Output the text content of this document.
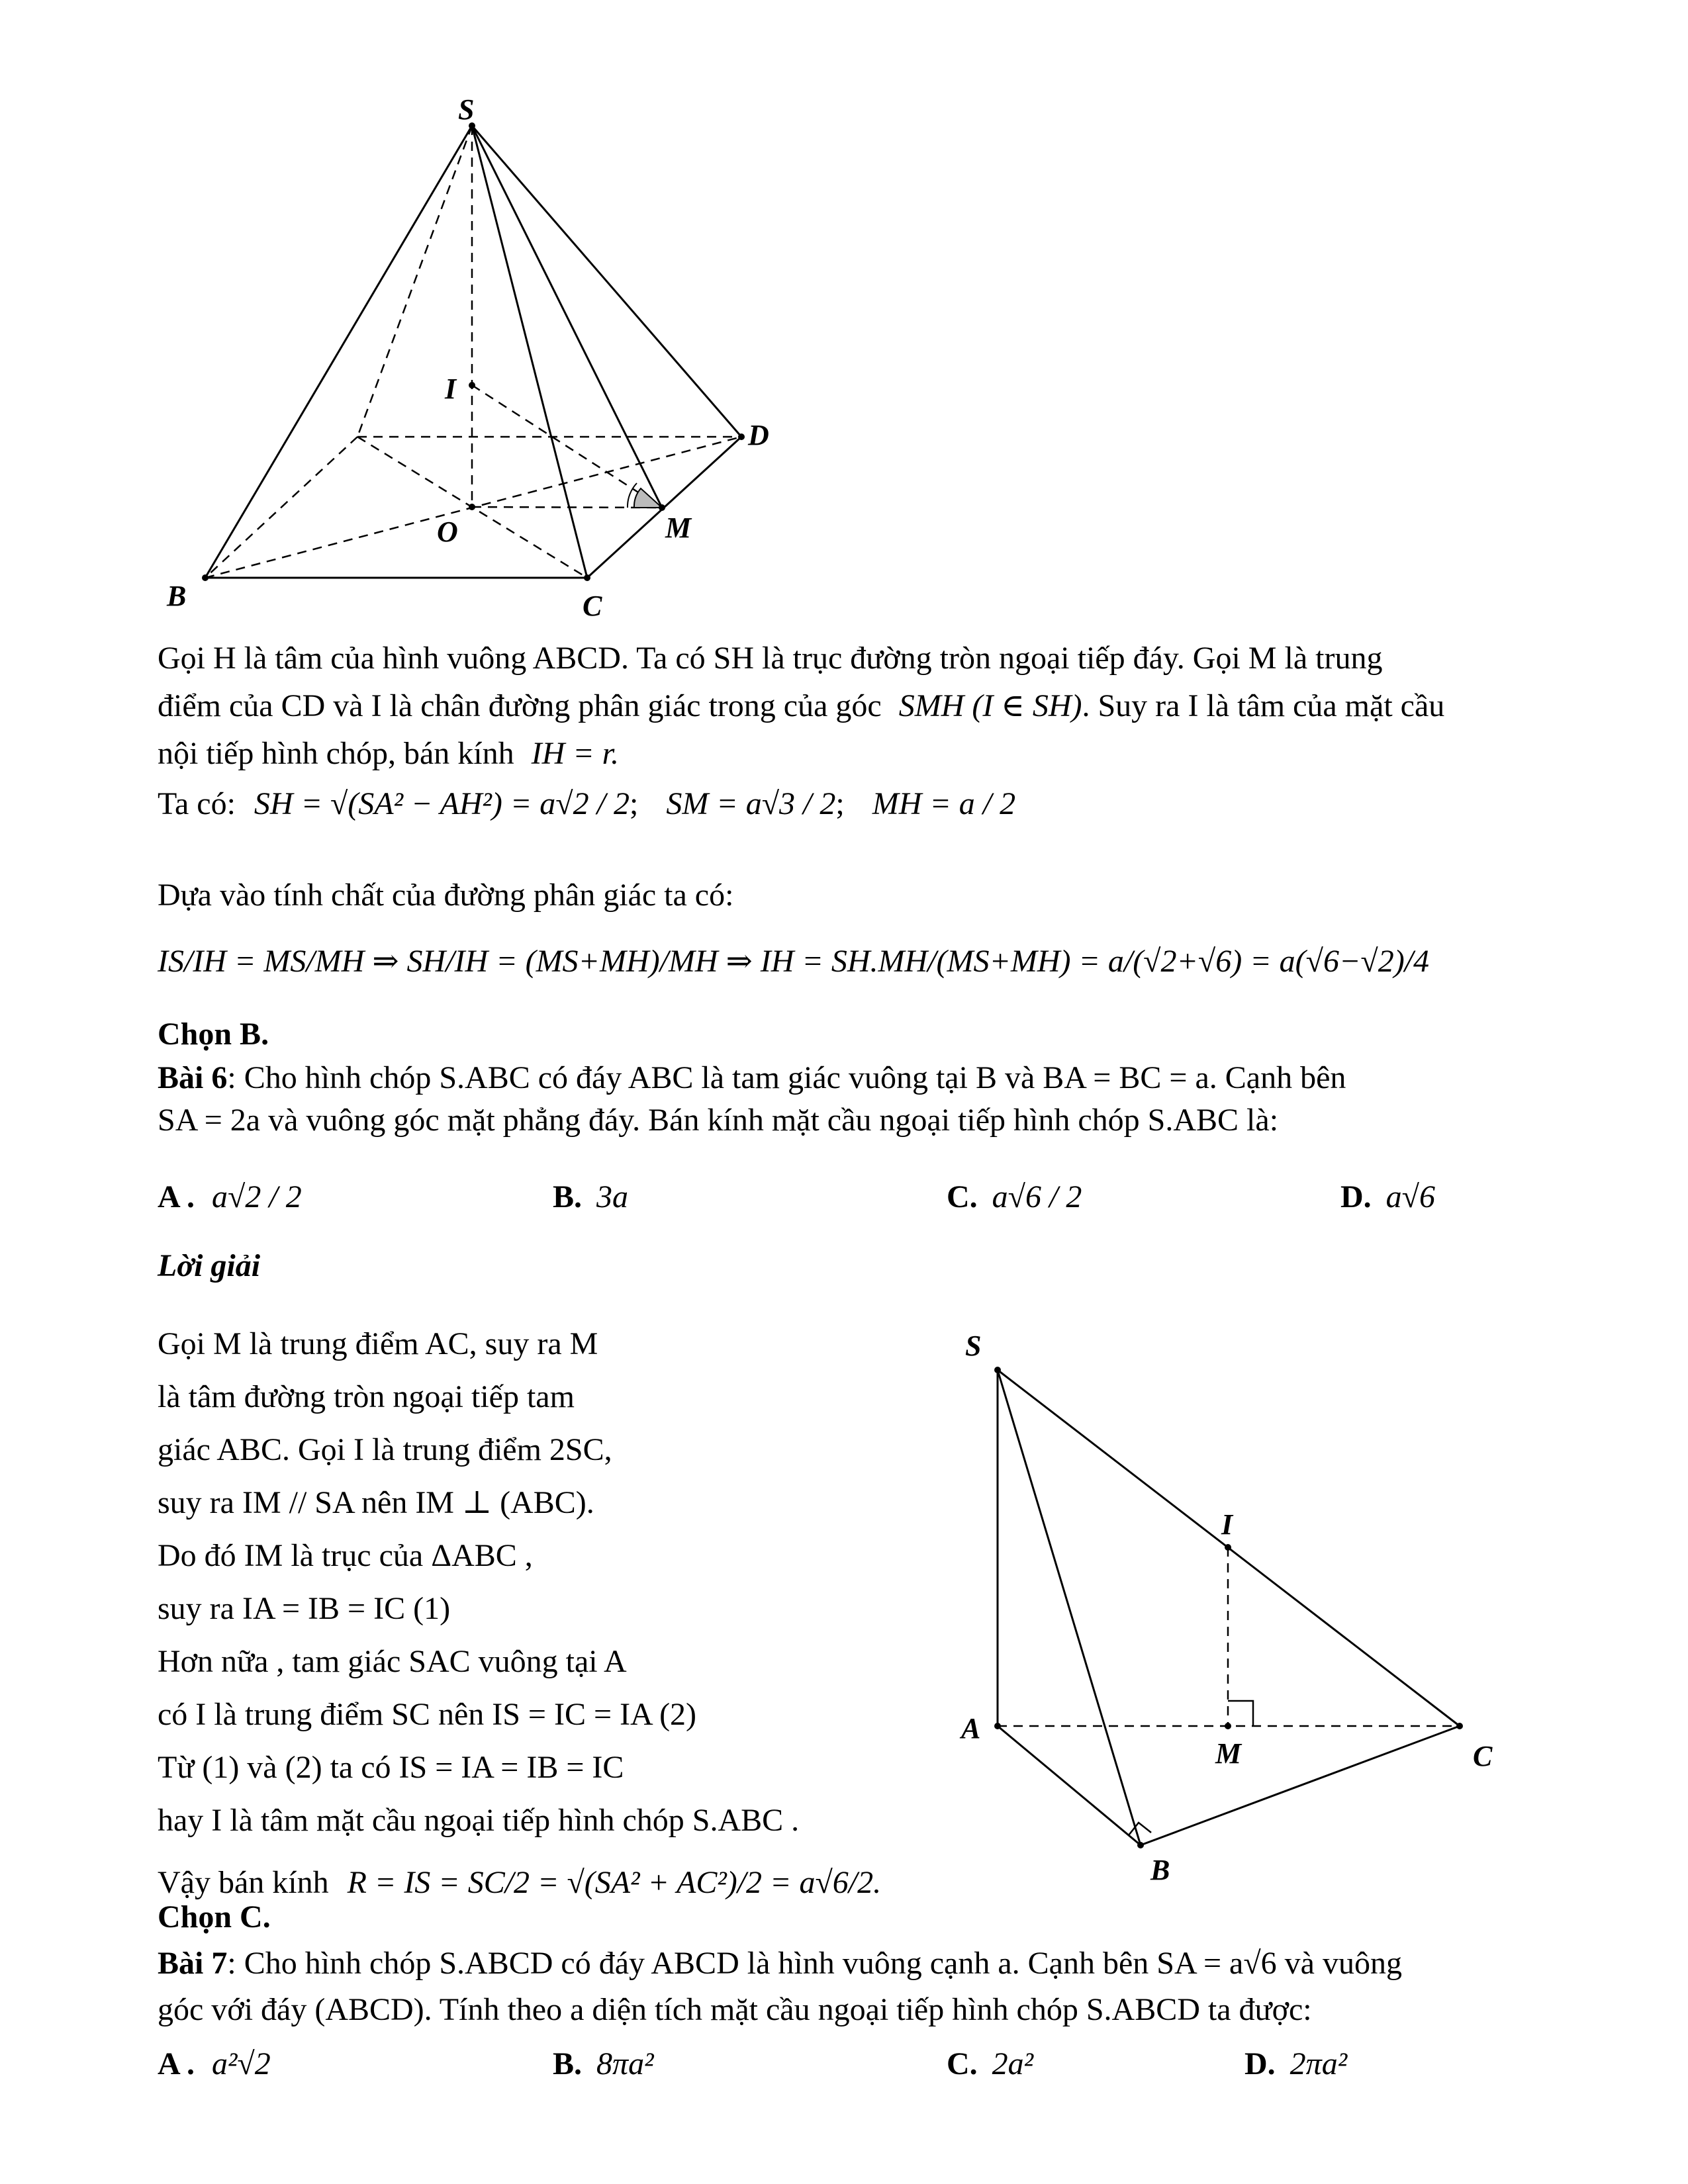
S
I
D
O	M
B	C
Gọi H là tâm của hình vuông ABCD. Ta có SH là trục đường tròn ngoại tiếp đáy. Gọi M là trung
điểm của CD và I là chân đường phân giác trong của góc SMH (I ∈ SH). Suy ra I là tâm của mặt cầu
nội tiếp hình chóp, bán kính IH = r.
Ta có: SH = √(SA² − AH²) = a√2 / 2; SM = a√3 / 2; MH = a / 2
Dựa vào tính chất của đường phân giác ta có:
IS/IH = MS/MH ⇒ SH/IH = (MS+MH)/MH ⇒ IH = SH.MH/(MS+MH) = a/(√2+√6) = a(√6−√2)/4
Chọn B.
Bài 6: Cho hình chóp S.ABC có đáy ABC là tam giác vuông tại B và BA = BC = a. Cạnh bên
SA = 2a và vuông góc mặt phẳng đáy. Bán kính mặt cầu ngoại tiếp hình chóp S.ABC là:
A . a√2 / 2	B. 3a	C. a√6 / 2	D. a√6
Lời giải
Gọi M là trung điểm AC, suy ra M
là tâm đường tròn ngoại tiếp tam
giác ABC. Gọi I là trung điểm 2SC,
suy ra IM // SA nên IM ⊥ (ABC).
Do đó IM là trục của ΔABC ,
suy ra IA = IB = IC (1)
Hơn nữa , tam giác SAC vuông tại A
có I là trung điểm SC nên IS = IC = IA (2)
Từ (1) và (2) ta có IS = IA = IB = IC
hay I là tâm mặt cầu ngoại tiếp hình chóp S.ABC .
Vậy bán kính R = IS = SC/2 = √(SA² + AC²)/2 = a√6/2.
S
I
A
M	C
B
Chọn C.
Bài 7: Cho hình chóp S.ABCD có đáy ABCD là hình vuông cạnh a. Cạnh bên SA = a√6 và vuông
góc với đáy (ABCD). Tính theo a diện tích mặt cầu ngoại tiếp hình chóp S.ABCD ta được:
A . a²√2	B. 8πa²	C. 2a²	D. 2πa²
